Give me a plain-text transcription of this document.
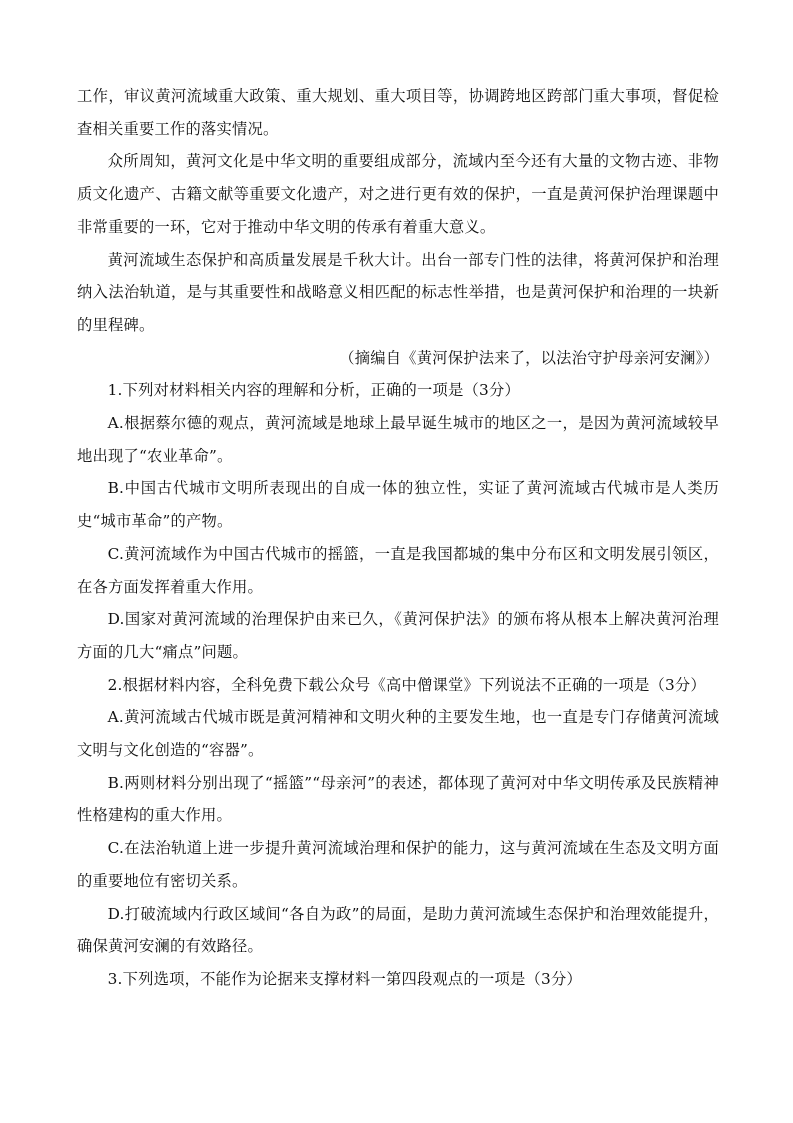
工作，审议黄河流域重大政策、重大规划、重大项目等，协调跨地区跨部门重大事项，督促检查相关重要工作的落实情况。

众所周知，黄河文化是中华文明的重要组成部分，流域内至今还有大量的文物古迹、非物质文化遗产、古籍文献等重要文化遗产，对之进行更有效的保护，一直是黄河保护治理课题中非常重要的一环，它对于推动中华文明的传承有着重大意义。

黄河流域生态保护和高质量发展是千秋大计。出台一部专门性的法律，将黄河保护和治理纳入法治轨道，是与其重要性和战略意义相匹配的标志性举措，也是黄河保护和治理的一块新的里程碑。

（摘编自《黄河保护法来了，以法治守护母亲河安澜》）

1.下列对材料相关内容的理解和分析，正确的一项是（3分）

A.根据蔡尔德的观点，黄河流域是地球上最早诞生城市的地区之一，是因为黄河流域较早地出现了“农业革命”。

B.中国古代城市文明所表现出的自成一体的独立性，实证了黄河流域古代城市是人类历史“城市革命”的产物。

C.黄河流域作为中国古代城市的摇篮，一直是我国都城的集中分布区和文明发展引领区，在各方面发挥着重大作用。

D.国家对黄河流域的治理保护由来已久，《黄河保护法》的颁布将从根本上解决黄河治理方面的几大“痛点”问题。

2.根据材料内容，全科免费下载公众号《高中僧课堂》下列说法不正确的一项是（3分）

A.黄河流域古代城市既是黄河精神和文明火种的主要发生地，也一直是专门存储黄河流域文明与文化创造的“容器”。

B.两则材料分别出现了“摇篮”“母亲河”的表述，都体现了黄河对中华文明传承及民族精神性格建构的重大作用。

C.在法治轨道上进一步提升黄河流域治理和保护的能力，这与黄河流域在生态及文明方面的重要地位有密切关系。

D.打破流域内行政区域间“各自为政”的局面，是助力黄河流域生态保护和治理效能提升，确保黄河安澜的有效路径。

3.下列选项，不能作为论据来支撑材料一第四段观点的一项是（3分）
